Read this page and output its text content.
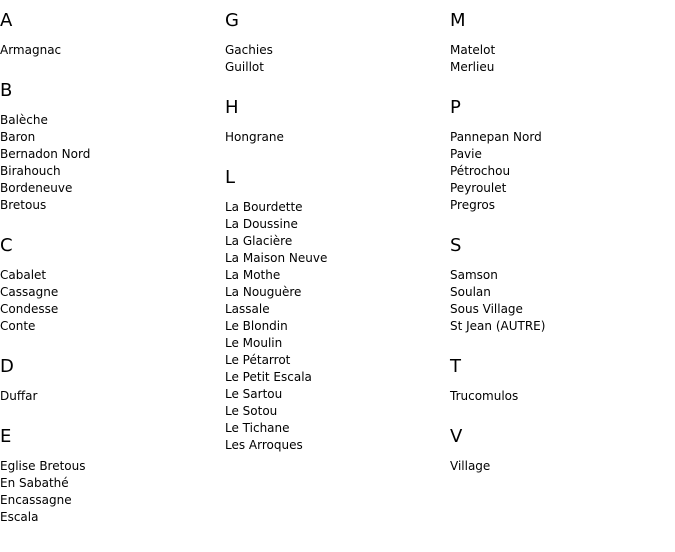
A
Armagnac
B
Balèche
Baron
Bernadon Nord
Birahouch
Bordeneuve
Bretous
C
Cabalet
Cassagne
Condesse
Conte
D
Duffar
E
Eglise Bretous
En Sabathé
Encassagne
Escala
G
Gachies
Guillot
H
Hongrane
L
La Bourdette
La Doussine
La Glacière
La Maison Neuve
La Mothe
La Nouguère
Lassale
Le Blondin
Le Moulin
Le Pétarrot
Le Petit Escala
Le Sartou
Le Sotou
Le Tichane
Les Arroques
M
Matelot
Merlieu
P
Pannepan Nord
Pavie
Pétrochou
Peyroulet
Pregros
S
Samson
Soulan
Sous Village
St Jean (AUTRE)
T
Trucomulos
V
Village
